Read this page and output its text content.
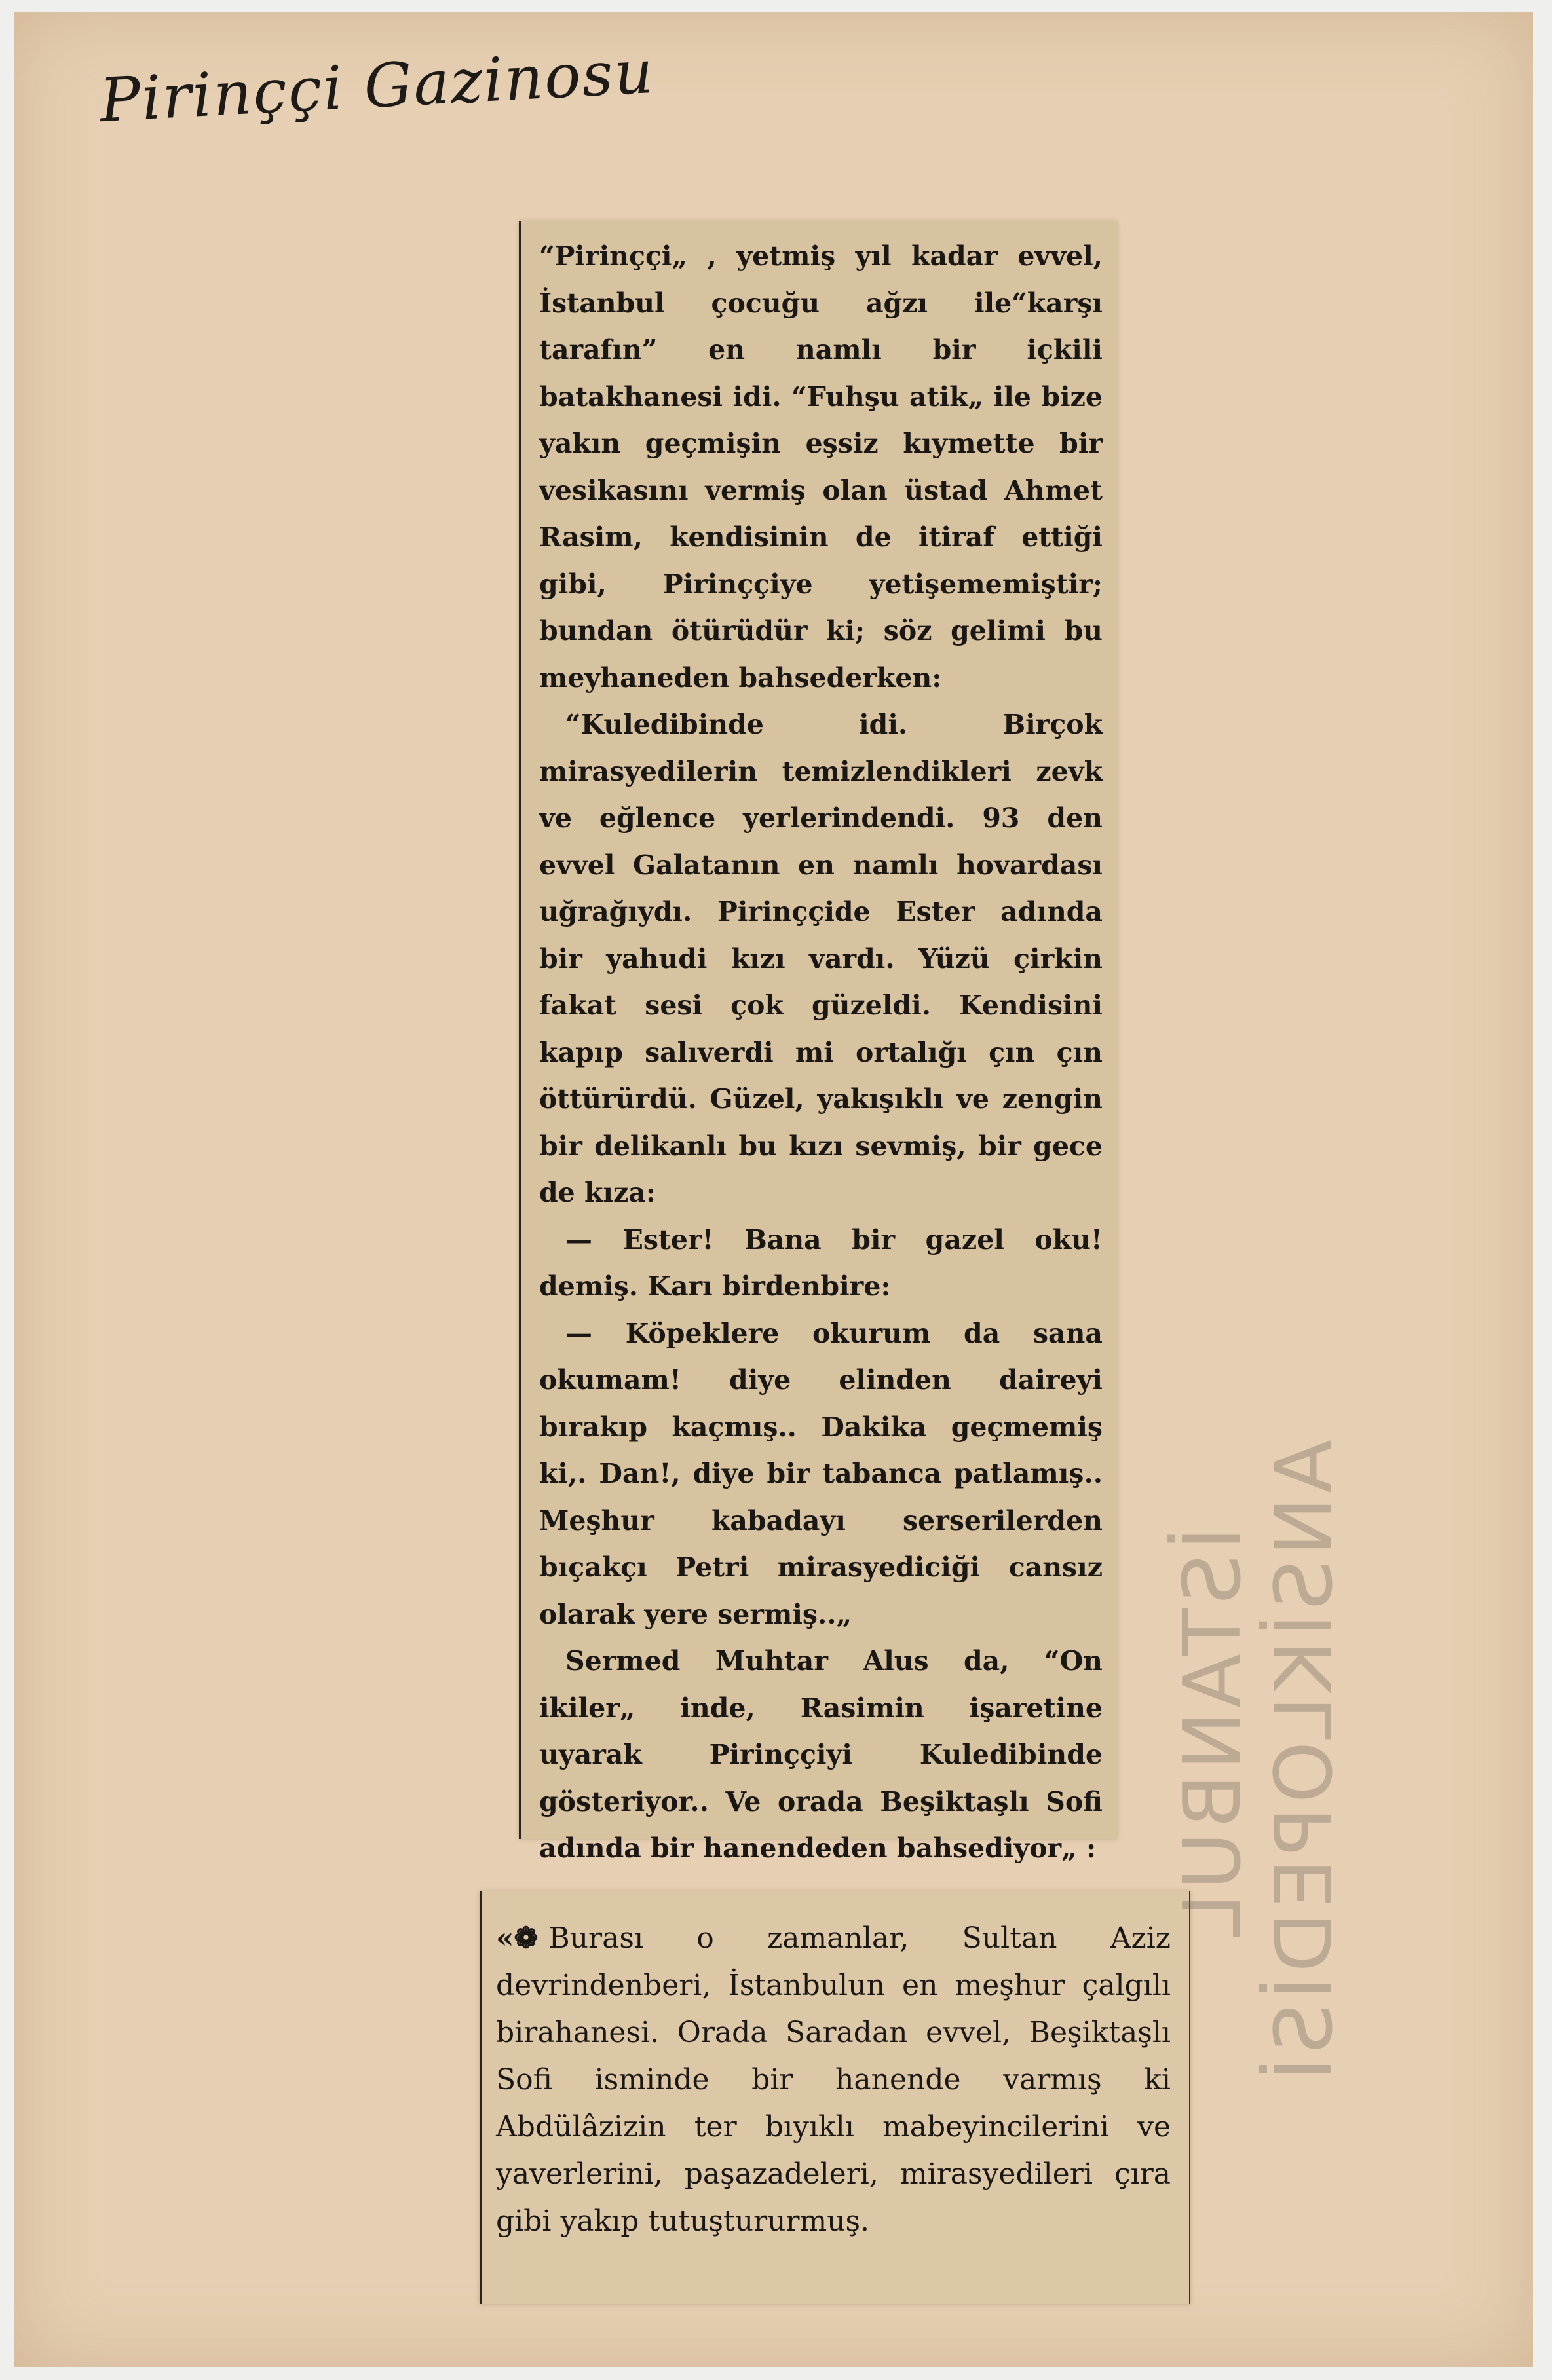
Pirinççi Gazinosu

“Pirinççi„ , yetmiş yıl kadar evvel, İstanbul çocuğu ağzı ile“karşı tarafın” en namlı bir içkili batakhanesi idi. “Fuhşu atik„ ile bize yakın geçmişin eşsiz kıymette bir vesikasını vermiş olan üstad Ahmet Rasim, kendisinin de itiraf ettiği gibi, Pirinççiye yetişememiştir; bundan ötürüdür ki; söz gelimi bu meyhaneden bahsederken:

“Kuledibinde idi. Birçok mirasyedilerin temizlendikleri zevk ve eğlence yerlerindendi. 93 den evvel Galatanın en namlı hovardası uğrağıydı. Pirinççide Ester adında bir yahudi kızı vardı. Yüzü çirkin fakat sesi çok güzeldi. Kendisini kapıp salıverdi mi ortalığı çın çın öttürürdü. Güzel, yakışıklı ve zengin bir delikanlı bu kızı sevmiş, bir gece de kıza:

— Ester! Bana bir gazel oku! demiş. Karı birdenbire:

— Köpeklere okurum da sana okumam! diye elinden daireyi bırakıp kaçmış.. Dakika geçmemiş ki,. Dan!, diye bir tabanca patlamış.. Meşhur kabadayı serserilerden bıçakçı Petri mirasyediciği cansız olarak yere sermiş..„

Sermed Muhtar Alus da, “On ikiler„ inde, Rasimin işaretine uyarak Pirinççiyi Kuledibinde gösteriyor.. Ve orada Beşiktaşlı Sofi adında bir hanendeden bahsediyor„ :

«❁ Burası o zamanlar, Sultan Aziz devrindenberi, İstanbulun en meşhur çalgılı birahanesi. Orada Saradan evvel, Beşiktaşlı Sofi isminde bir hanende varmış ki Abdülâzizin ter bıyıklı mabeyincilerini ve yaverlerini, paşazadeleri, mirasyedileri çıra gibi yakıp tutuştururmuş.
İSTANBUL ANSİKLOPEDİSİ
